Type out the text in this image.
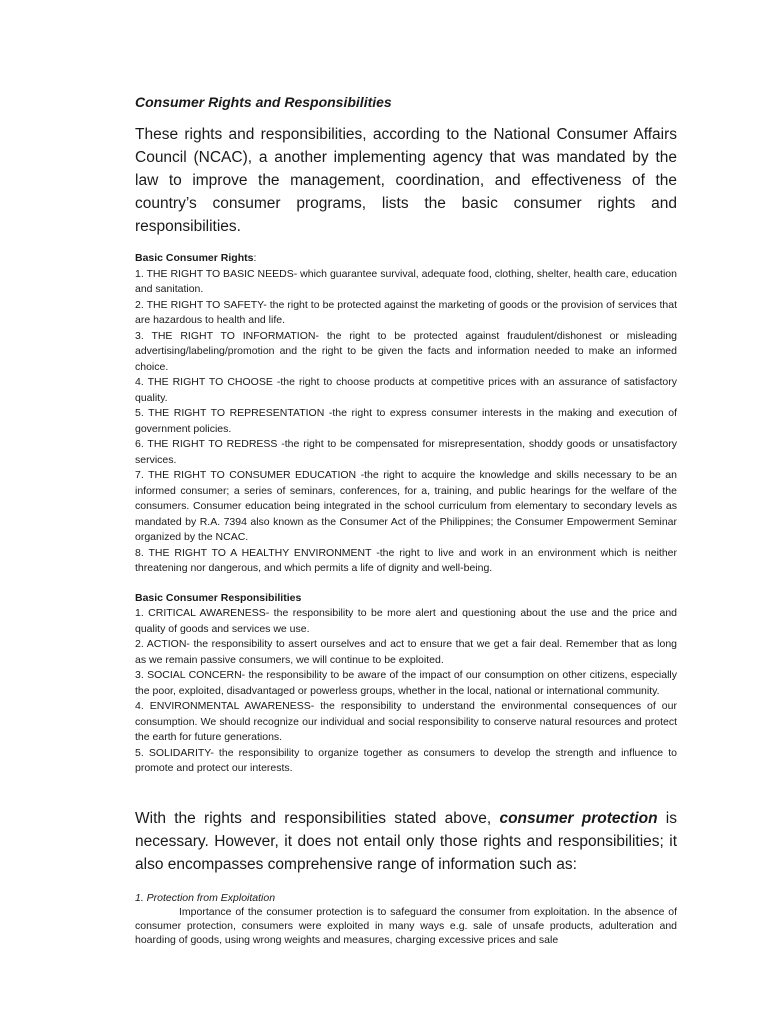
Consumer Rights and Responsibilities

These rights and responsibilities, according to the National Consumer Affairs Council (NCAC), a another implementing agency that was mandated by the law to improve the management, coordination, and effectiveness of the country’s consumer programs, lists the basic consumer rights and responsibilities.

Basic Consumer Rights:

1. THE RIGHT TO BASIC NEEDS- which guarantee survival, adequate food, clothing, shelter, health care, education and sanitation.

2. THE RIGHT TO SAFETY- the right to be protected against the marketing of goods or the provision of services that are hazardous to health and life.

3. THE RIGHT TO INFORMATION- the right to be protected against fraudulent/dishonest or misleading advertising/labeling/promotion and the right to be given the facts and information needed to make an informed choice.

4. THE RIGHT TO CHOOSE -the right to choose products at competitive prices with an assurance of satisfactory quality.

5. THE RIGHT TO REPRESENTATION -the right to express consumer interests in the making and execution of government policies.

6. THE RIGHT TO REDRESS -the right to be compensated for misrepresentation, shoddy goods or unsatisfactory services.

7. THE RIGHT TO CONSUMER EDUCATION -the right to acquire the knowledge and skills necessary to be an informed consumer; a series of seminars, conferences, for a, training, and public hearings for the welfare of the consumers. Consumer education being integrated in the school curriculum from elementary to secondary levels as mandated by R.A. 7394 also known as the Consumer Act of the Philippines; the Consumer Empowerment Seminar organized by the NCAC.

8. THE RIGHT TO A HEALTHY ENVIRONMENT -the right to live and work in an environment which is neither threatening nor dangerous, and which permits a life of dignity and well-being.

Basic Consumer Responsibilities

1. CRITICAL AWARENESS- the responsibility to be more alert and questioning about the use and the price and quality of goods and services we use.

2. ACTION- the responsibility to assert ourselves and act to ensure that we get a fair deal. Remember that as long as we remain passive consumers, we will continue to be exploited.

3. SOCIAL CONCERN- the responsibility to be aware of the impact of our consumption on other citizens, especially the poor, exploited, disadvantaged or powerless groups, whether in the local, national or international community.

4. ENVIRONMENTAL AWARENESS- the responsibility to understand the environmental consequences of our consumption. We should recognize our individual and social responsibility to conserve natural resources and protect the earth for future generations.

5. SOLIDARITY- the responsibility to organize together as consumers to develop the strength and influence to promote and protect our interests.

With the rights and responsibilities stated above, consumer protection is necessary. However, it does not entail only those rights and responsibilities; it also encompasses comprehensive range of information such as:

1. Protection from Exploitation

Importance of the consumer protection is to safeguard the consumer from exploitation. In the absence of consumer protection, consumers were exploited in many ways e.g. sale of unsafe products, adulteration and hoarding of goods, using wrong weights and measures, charging excessive prices and sale
